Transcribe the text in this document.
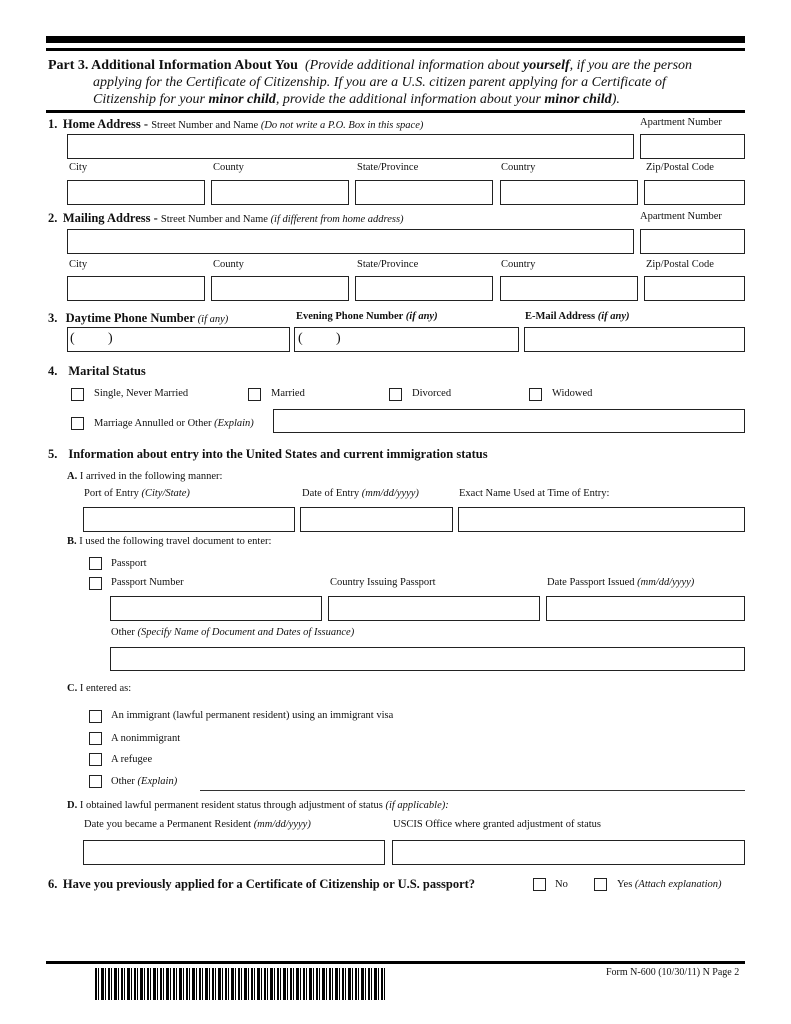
Part 3. Additional Information About You (Provide additional information about yourself, if you are the person
applying for the Certificate of Citizenship. If you are a U.S. citizen parent applying for a Certificate of
Citizenship for your minor child, provide the additional information about your minor child).
1. Home Address - Street Number and Name (Do not write a P.O. Box in this space)	Apartment Number
City	County	State/Province	Country	Zip/Postal Code
2. Mailing Address - Street Number and Name (if different from home address)	Apartment Number
City	County	State/Province	Country	Zip/Postal Code
3. Daytime Phone Number (if any)	Evening Phone Number (if any)	E-Mail Address (if any)
( )	( )
4. Marital Status
Single, Never Married	Married	Divorced	Widowed
Marriage Annulled or Other (Explain)
5. Information about entry into the United States and current immigration status
A. I arrived in the following manner:
Port of Entry (City/State)	Date of Entry (mm/dd/yyyy)	Exact Name Used at Time of Entry:
B. I used the following travel document to enter:
Passport
Passport Number	Country Issuing Passport	Date Passport Issued (mm/dd/yyyy)
Other (Specify Name of Document and Dates of Issuance)
C. I entered as:
An immigrant (lawful permanent resident) using an immigrant visa
A nonimmigrant
A refugee
Other (Explain)
D. I obtained lawful permanent resident status through adjustment of status (if applicable):
Date you became a Permanent Resident (mm/dd/yyyy)	USCIS Office where granted adjustment of status
6. Have you previously applied for a Certificate of Citizenship or U.S. passport?	No	Yes (Attach explanation)
Form N-600 (10/30/11) N Page 2
